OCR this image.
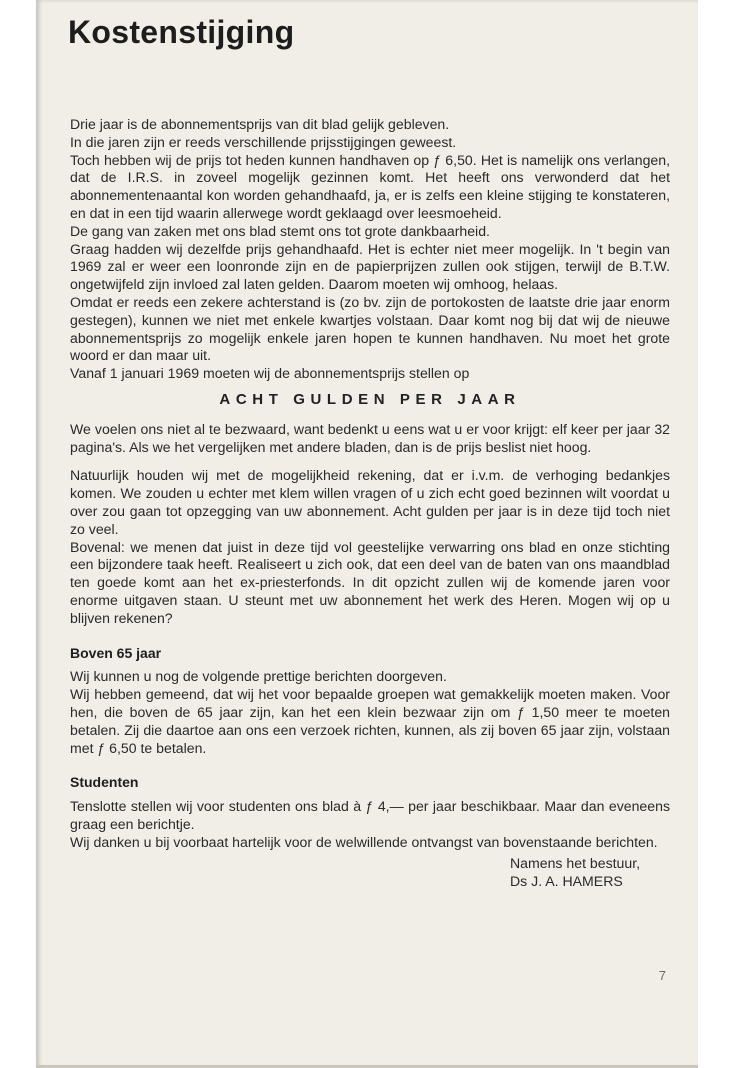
Kostenstijging

Drie jaar is de abonnementsprijs van dit blad gelijk gebleven.

In die jaren zijn er reeds verschillende prijsstijgingen geweest.

Toch hebben wij de prijs tot heden kunnen handhaven op ƒ 6,50. Het is namelijk ons verlangen, dat de I.R.S. in zoveel mogelijk gezinnen komt. Het heeft ons verwonderd dat het abonnementenaantal kon worden gehandhaafd, ja, er is zelfs een kleine stijging te konstateren, en dat in een tijd waarin allerwege wordt geklaagd over leesmoeheid.

De gang van zaken met ons blad stemt ons tot grote dankbaarheid.

Graag hadden wij dezelfde prijs gehandhaafd. Het is echter niet meer mogelijk. In 't begin van 1969 zal er weer een loonronde zijn en de papierprijzen zullen ook stijgen, terwijl de B.T.W. ongetwijfeld zijn invloed zal laten gelden. Daarom moeten wij omhoog, helaas.

Omdat er reeds een zekere achterstand is (zo bv. zijn de portokosten de laatste drie jaar enorm gestegen), kunnen we niet met enkele kwartjes volstaan. Daar komt nog bij dat wij de nieuwe abonnementsprijs zo mogelijk enkele jaren hopen te kunnen handhaven. Nu moet het grote woord er dan maar uit.

Vanaf 1 januari 1969 moeten wij de abonnementsprijs stellen op

ACHT GULDEN PER JAAR

We voelen ons niet al te bezwaard, want bedenkt u eens wat u er voor krijgt: elf keer per jaar 32 pagina's. Als we het vergelijken met andere bladen, dan is de prijs beslist niet hoog.

Natuurlijk houden wij met de mogelijkheid rekening, dat er i.v.m. de verhoging bedankjes komen. We zouden u echter met klem willen vragen of u zich echt goed bezinnen wilt voordat u over zou gaan tot opzegging van uw abonnement. Acht gulden per jaar is in deze tijd toch niet zo veel.

Bovenal: we menen dat juist in deze tijd vol geestelijke verwarring ons blad en onze stichting een bijzondere taak heeft. Realiseert u zich ook, dat een deel van de baten van ons maandblad ten goede komt aan het ex-priesterfonds. In dit opzicht zullen wij de komende jaren voor enorme uitgaven staan. U steunt met uw abonnement het werk des Heren. Mogen wij op u blijven rekenen?

Boven 65 jaar

Wij kunnen u nog de volgende prettige berichten doorgeven.

Wij hebben gemeend, dat wij het voor bepaalde groepen wat gemakkelijk moeten maken. Voor hen, die boven de 65 jaar zijn, kan het een klein bezwaar zijn om ƒ 1,50 meer te moeten betalen. Zij die daartoe aan ons een verzoek richten, kunnen, als zij boven 65 jaar zijn, volstaan met ƒ 6,50 te betalen.

Studenten

Tenslotte stellen wij voor studenten ons blad à ƒ 4,— per jaar beschikbaar. Maar dan eveneens graag een berichtje.

Wij danken u bij voorbaat hartelijk voor de welwillende ontvangst van bovenstaande berichten.

Namens het bestuur,
Ds J. A. HAMERS
7
